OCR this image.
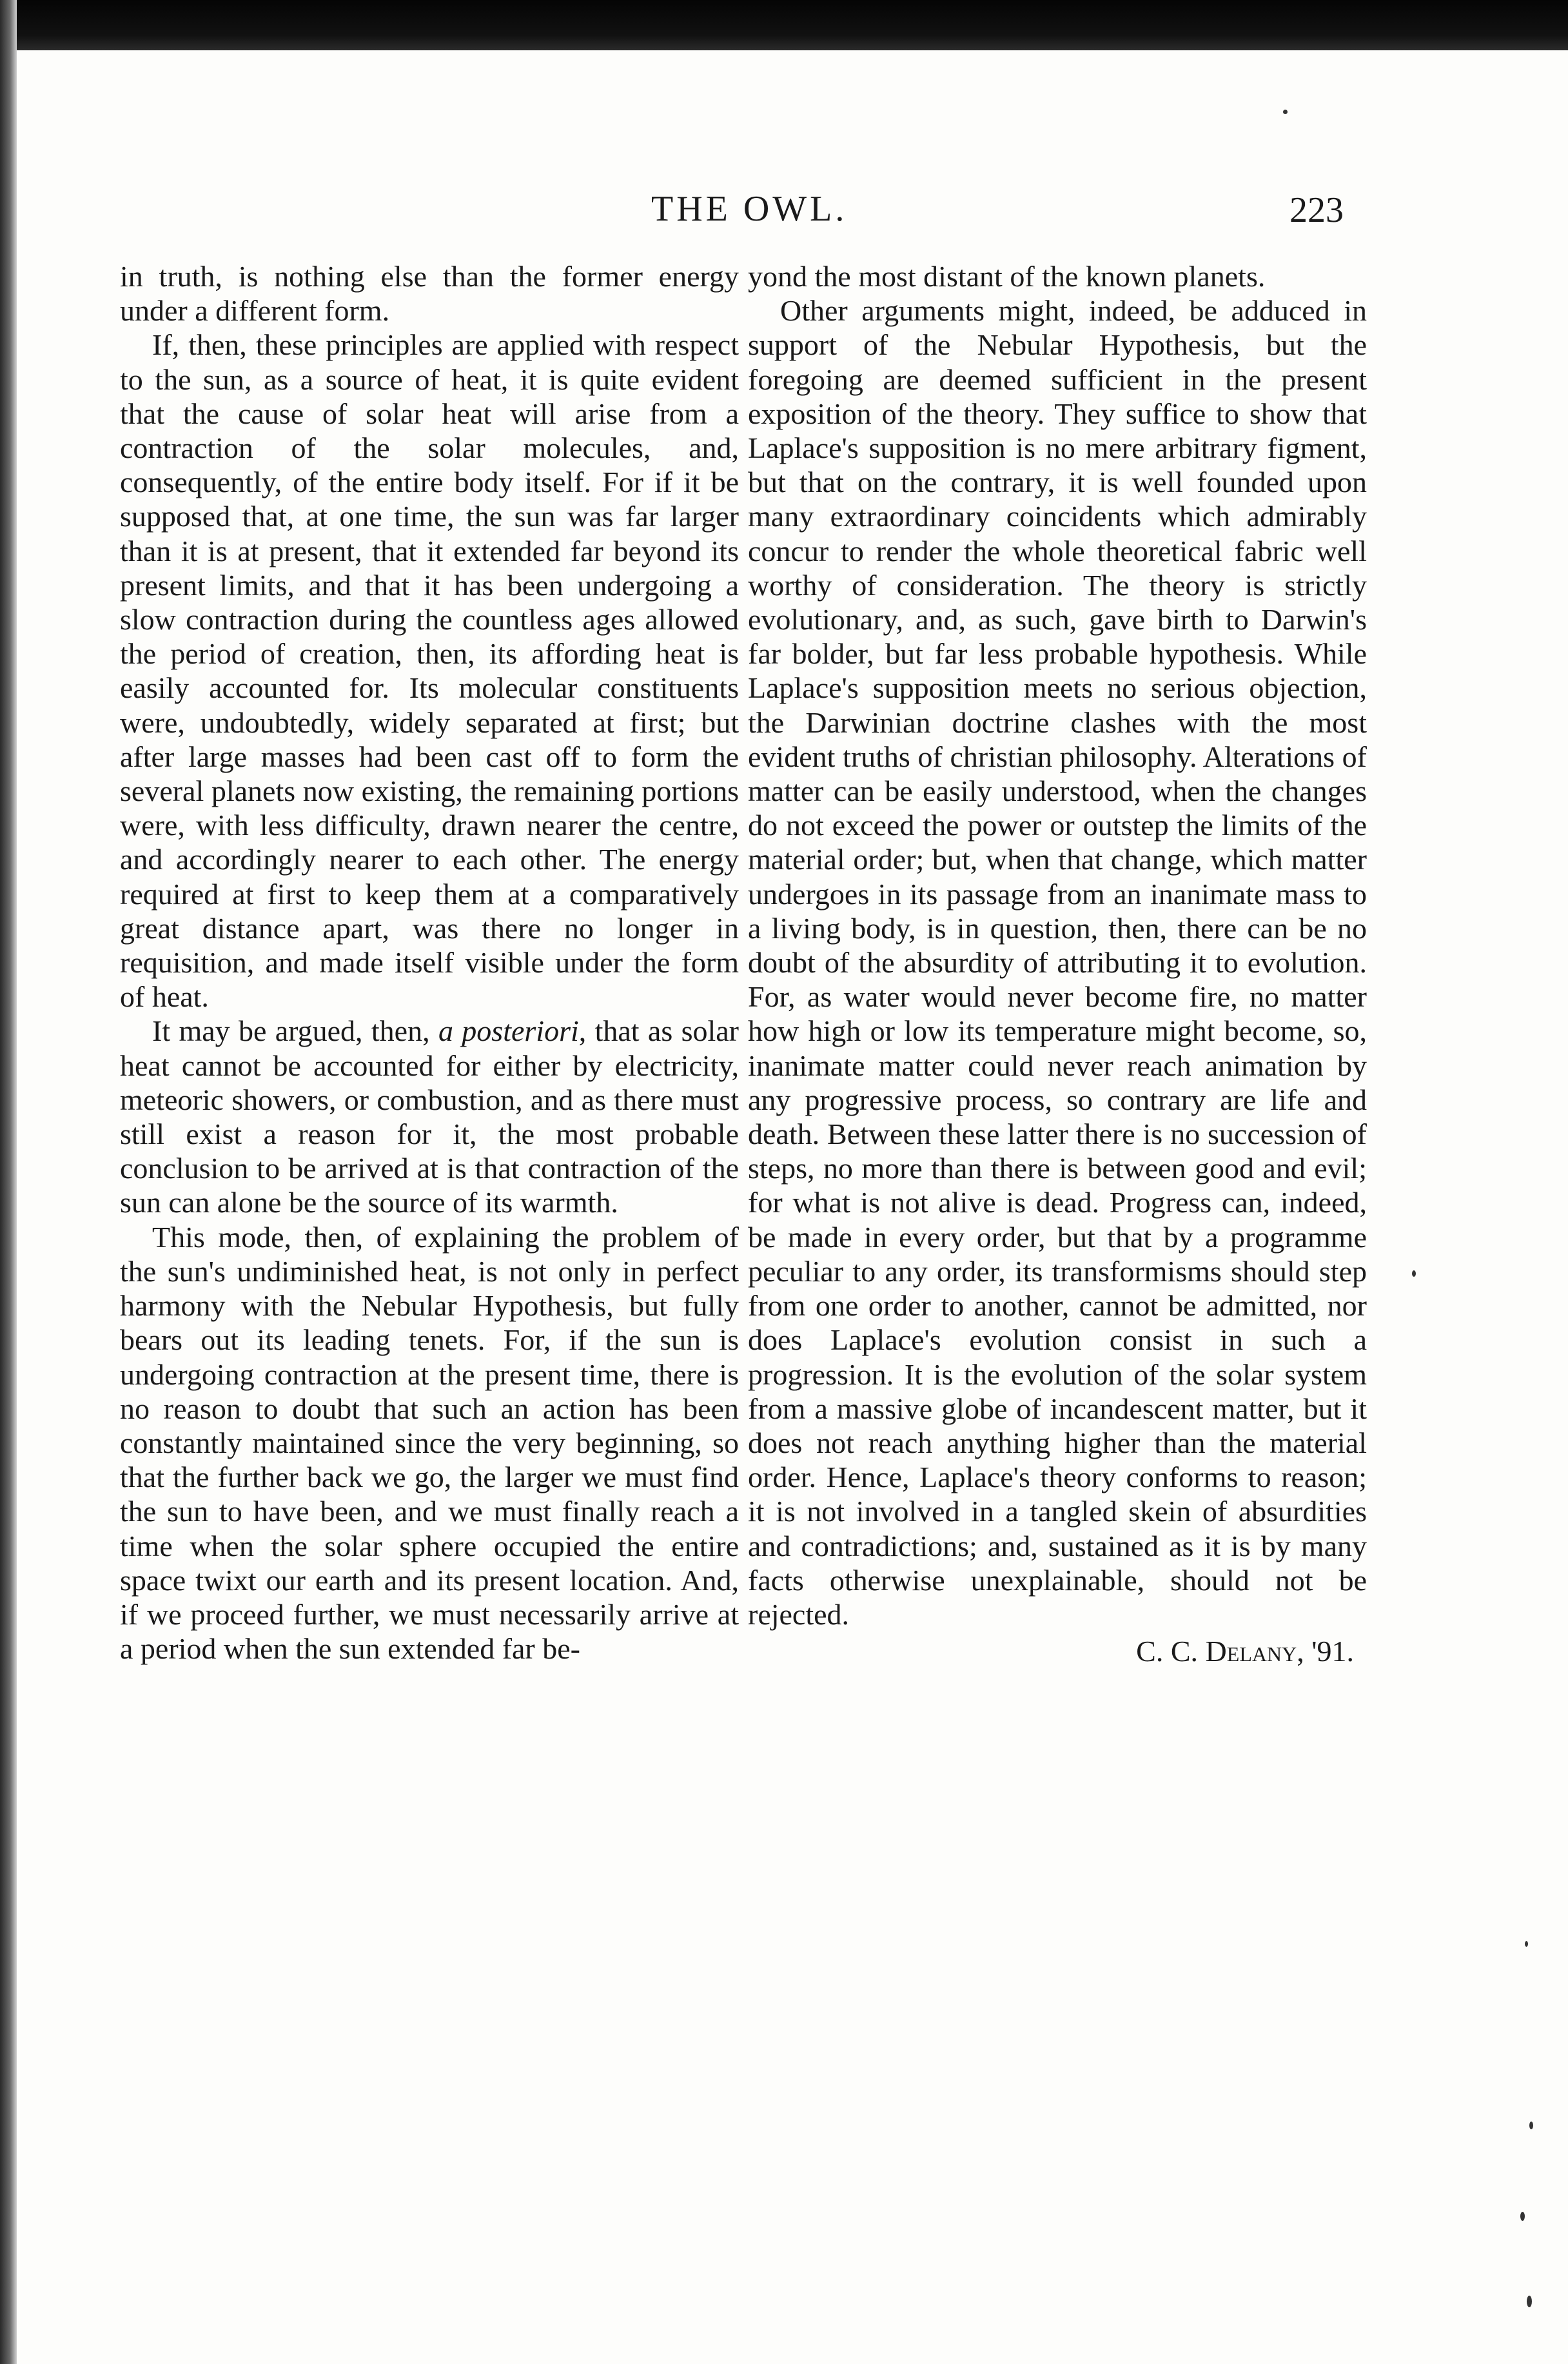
THE OWL.	223

in truth, is nothing else than the former energy under a different form.

If, then, these principles are applied with respect to the sun, as a source of heat, it is quite evident that the cause of solar heat will arise from a contraction of the solar molecules, and, consequently, of the entire body itself. For if it be supposed that, at one time, the sun was far larger than it is at present, that it extended far beyond its present limits, and that it has been undergoing a slow contraction during the countless ages allowed the period of creation, then, its affording heat is easily accounted for. Its molecular constituents were, undoubtedly, widely separated at first; but after large masses had been cast off to form the several planets now existing, the remaining portions were, with less difficulty, drawn nearer the centre, and accordingly nearer to each other. The energy required at first to keep them at a comparatively great distance apart, was there no longer in requisition, and made itself visible under the form of heat.

It may be argued, then, a posteriori, that as solar heat cannot be accounted for either by electricity, meteoric showers, or combustion, and as there must still exist a reason for it, the most probable conclusion to be arrived at is that contraction of the sun can alone be the source of its warmth.

This mode, then, of explaining the problem of the sun's undiminished heat, is not only in perfect harmony with the Nebular Hypothesis, but fully bears out its leading tenets. For, if the sun is undergoing contraction at the present time, there is no reason to doubt that such an action has been constantly maintained since the very beginning, so that the further back we go, the larger we must find the sun to have been, and we must finally reach a time when the solar sphere occupied the entire space twixt our earth and its present location. And, if we proceed further, we must necessarily arrive at a period when the sun extended far be-

yond the most distant of the known planets.

Other arguments might, indeed, be adduced in support of the Nebular Hypothesis, but the foregoing are deemed sufficient in the present exposition of the theory. They suffice to show that Laplace's supposition is no mere arbitrary figment, but that on the contrary, it is well founded upon many extraordinary coincidents which admirably concur to render the whole theoretical fabric well worthy of consideration. The theory is strictly evolutionary, and, as such, gave birth to Darwin's far bolder, but far less probable hypothesis. While Laplace's supposition meets no serious objection, the Darwinian doctrine clashes with the most evident truths of christian philosophy. Alterations of matter can be easily understood, when the changes do not exceed the power or outstep the limits of the material order; but, when that change, which matter undergoes in its passage from an inanimate mass to a living body, is in question, then, there can be no doubt of the absurdity of attributing it to evolution. For, as water would never become fire, no matter how high or low its temperature might become, so, inanimate matter could never reach animation by any progressive process, so contrary are life and death. Between these latter there is no succession of steps, no more than there is between good and evil; for what is not alive is dead. Progress can, indeed, be made in every order, but that by a programme peculiar to any order, its transformisms should step from one order to another, cannot be admitted, nor does Laplace's evolution consist in such a progression. It is the evolution of the solar system from a massive globe of incandescent matter, but it does not reach anything higher than the material order. Hence, Laplace's theory conforms to reason; it is not involved in a tangled skein of absurdities and contradictions; and, sustained as it is by many facts otherwise unexplainable, should not be rejected.

C. C. Delany, '91.
